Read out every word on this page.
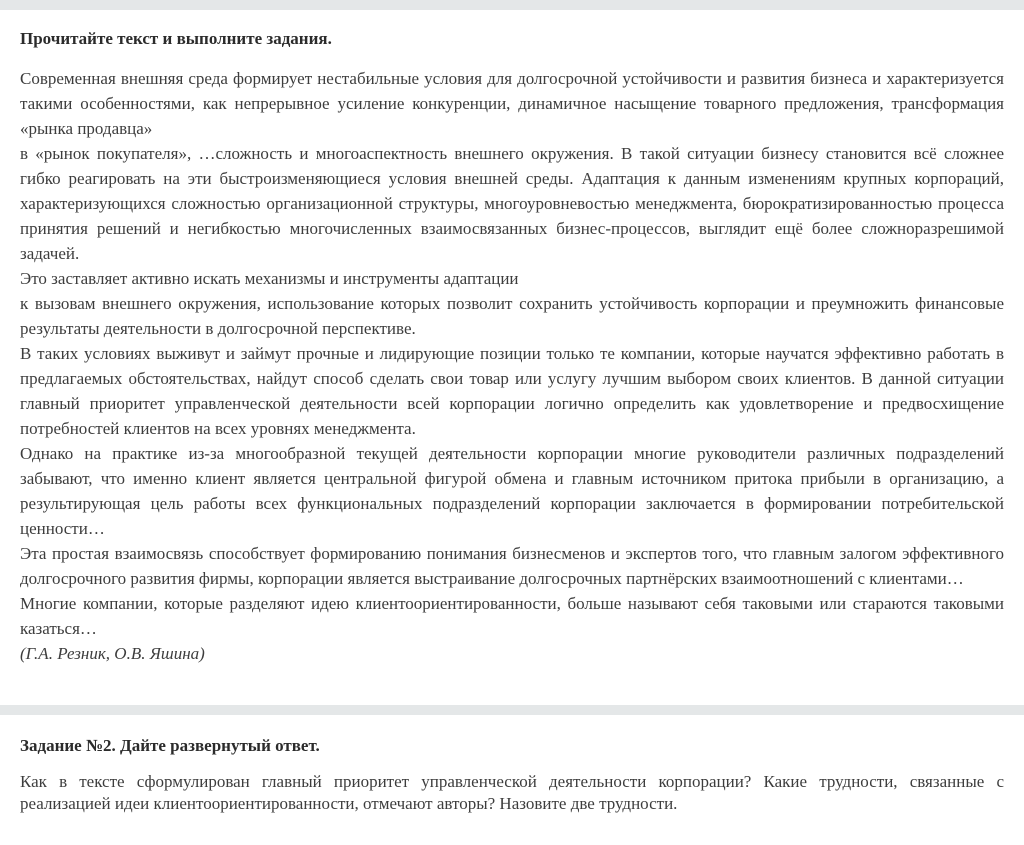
Прочитайте текст и выполните задания.

Современная внешняя среда формирует нестабильные условия для долгосрочной устойчивости и развития бизнеса и характеризуется такими особенностями, как непрерывное усиление конкуренции, динамичное насыщение товарного предложения, трансформация «рынка продавца»

в «рынок покупателя», …сложность и многоаспектность внешнего окружения. В такой ситуации бизнесу становится всё сложнее гибко реагировать на эти быстроизменяющиеся условия внешней среды. Адаптация к данным изменениям крупных корпораций, характеризующихся сложностью организационной структуры, многоуровневостью менеджмента, бюрократизированностью процесса принятия решений и негибкостью многочисленных взаимосвязанных бизнес-процессов, выглядит ещё более сложноразрешимой задачей.

Это заставляет активно искать механизмы и инструменты адаптации

к вызовам внешнего окружения, использование которых позволит сохранить устойчивость корпорации и преумножить финансовые результаты деятельности в долгосрочной перспективе.

В таких условиях выживут и займут прочные и лидирующие позиции только те компании, которые научатся эффективно работать в предлагаемых обстоятельствах, найдут способ сделать свои товар или услугу лучшим выбором своих клиентов. В данной ситуации главный приоритет управленческой деятельности всей корпорации логично определить как удовлетворение и предвосхищение потребностей клиентов на всех уровнях менеджмента.

Однако на практике из-за многообразной текущей деятельности корпорации многие руководители различных подразделений забывают, что именно клиент является центральной фигурой обмена и главным источником притока прибыли в организацию, а результирующая цель работы всех функциональных подразделений корпорации заключается в формировании потребительской ценности…

Эта простая взаимосвязь способствует формированию понимания бизнесменов и экспертов того, что главным залогом эффективного долгосрочного развития фирмы, корпорации является выстраивание долгосрочных партнёрских взаимоотношений с клиентами…

Многие компании, которые разделяют идею клиентоориентированности, больше называют себя таковыми или стараются таковыми казаться…

(Г.А. Резник, О.В. Яшина)
Задание №2. Дайте развернутый ответ.

Как в тексте сформулирован главный приоритет управленческой деятельности корпорации? Какие трудности, связанные с реализацией идеи клиентоориентированности, отмечают авторы? Назовите две трудности.
